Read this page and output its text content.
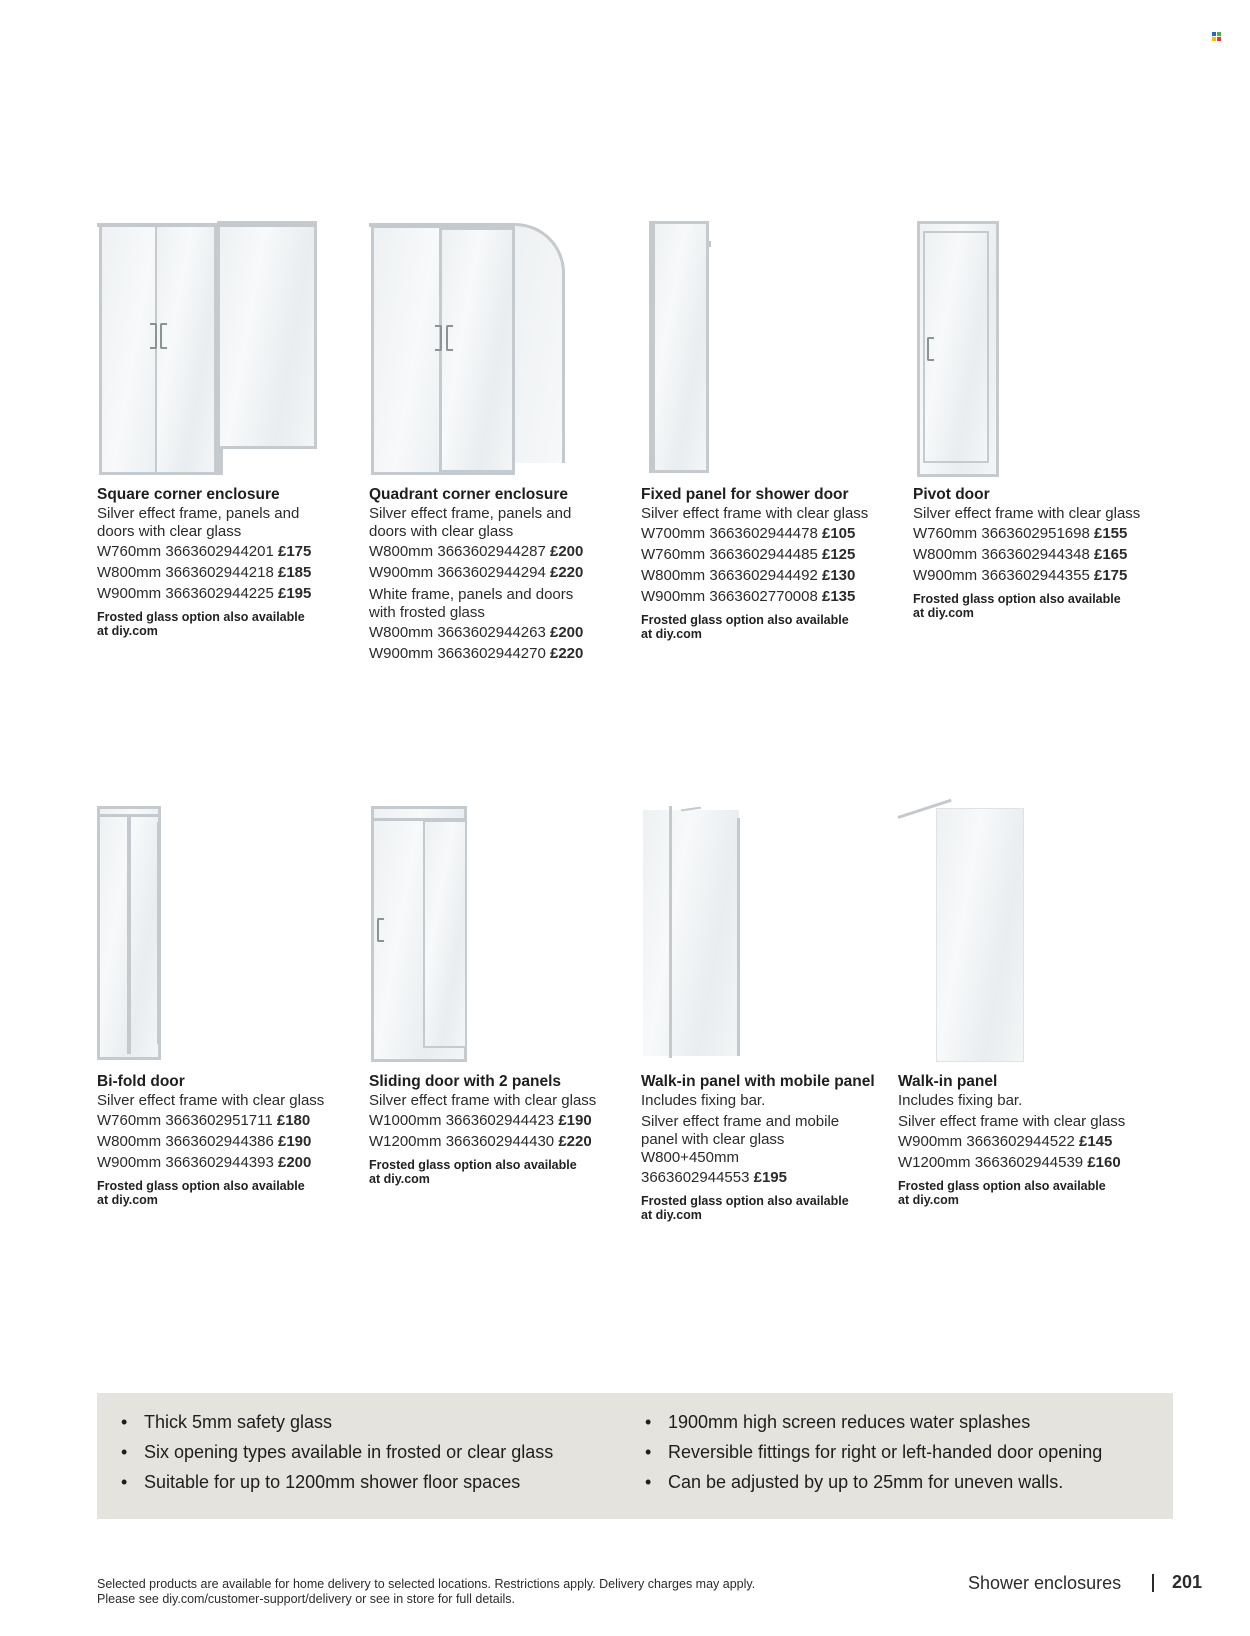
Square corner enclosure
Silver effect frame, panels and
doors with clear glass
W760mm 3663602944201 £175
W800mm 3663602944218 £185
W900mm 3663602944225 £195
Frosted glass option also available
at diy.com
Quadrant corner enclosure
Silver effect frame, panels and
doors with clear glass
W800mm 3663602944287 £200
W900mm 3663602944294 £220
White frame, panels and doors
with frosted glass
W800mm 3663602944263 £200
W900mm 3663602944270 £220
Fixed panel for shower door
Silver effect frame with clear glass
W700mm 3663602944478 £105
W760mm 3663602944485 £125
W800mm 3663602944492 £130
W900mm 3663602770008 £135
Frosted glass option also available
at diy.com
Pivot door
Silver effect frame with clear glass
W760mm 3663602951698 £155
W800mm 3663602944348 £165
W900mm 3663602944355 £175
Frosted glass option also available
at diy.com
Bi-fold door
Silver effect frame with clear glass
W760mm 3663602951711 £180
W800mm 3663602944386 £190
W900mm 3663602944393 £200
Frosted glass option also available
at diy.com
Sliding door with 2 panels
Silver effect frame with clear glass
W1000mm 3663602944423 £190
W1200mm 3663602944430 £220
Frosted glass option also available
at diy.com
Walk-in panel with mobile panel
Includes fixing bar.
Silver effect frame and mobile
panel with clear glass
W800+450mm
3663602944553 £195
Frosted glass option also available
at diy.com
Walk-in panel
Includes fixing bar.
Silver effect frame with clear glass
W900mm 3663602944522 £145
W1200mm 3663602944539 £160
Frosted glass option also available
at diy.com
• Thick 5mm safety glass
• Six opening types available in frosted or clear glass
• Suitable for up to 1200mm shower floor spaces
• 1900mm high screen reduces water splashes
• Reversible fittings for right or left-handed door opening
• Can be adjusted by up to 25mm for uneven walls.
Selected products are available for home delivery to selected locations. Restrictions apply. Delivery charges may apply.
Please see diy.com/customer-support/delivery or see in store for full details.
Shower enclosures	201
